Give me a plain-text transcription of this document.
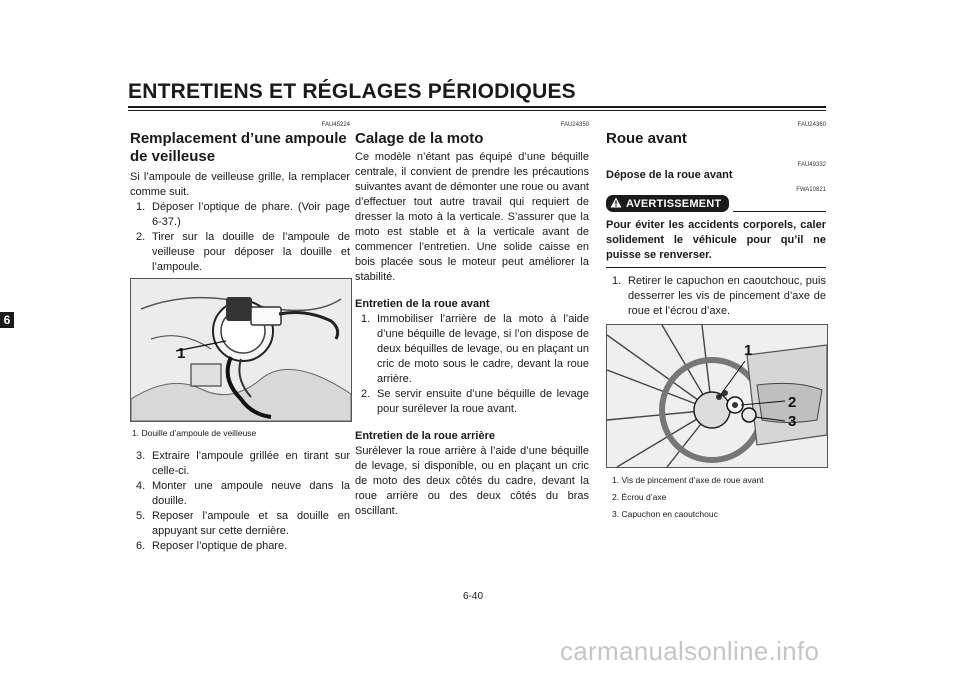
ENTRETIENS ET RÉGLAGES PÉRIODIQUES
6
FAU45224
Remplacement d’une ampoule de veilleuse

Si l’ampoule de veilleuse grille, la remplacer comme suit.

1. Déposer l’optique de phare. (Voir page 6-37.)
2. Tirer sur la douille de l’ampoule de veilleuse pour déposer la douille et l’ampoule.
1
1. Douille d’ampoule de veilleuse
3. Extraire l’ampoule grillée en tirant sur celle-ci.
4. Monter une ampoule neuve dans la douille.
5. Reposer l’ampoule et sa douille en appuyant sur cette dernière.
6. Reposer l’optique de phare.
FAU24350
Calage de la moto

Ce modèle n’étant pas équipé d’une béquille centrale, il convient de prendre les précautions suivantes avant de démonter une roue ou avant d’effectuer tout autre travail qui requiert de dresser la moto à la verticale. S’assurer que la moto est stable et à la verticale avant de commencer l’entretien. Une solide caisse en bois placée sous le moteur peut améliorer la stabilité.

Entretien de la roue avant
1. Immobiliser l’arrière de la moto à l’aide d’une béquille de levage, si l’on dispose de deux béquilles de levage, ou en plaçant un cric de moto sous le cadre, devant la roue arrière.
2. Se servir ensuite d’une béquille de levage pour surélever la roue avant.
Entretien de la roue arrière

Surélever la roue arrière à l’aide d’une béquille de levage, si disponible, ou en plaçant un cric de moto des deux côtés du cadre, devant la roue arrière ou des deux côtés du bras oscillant.

FAU24360
Roue avant
FAU49332
Dépose de la roue avant
FWA10821
AVERTISSEMENT
Pour éviter les accidents corporels, caler solidement le véhicule pour qu’il ne puisse se renverser.
1. Retirer le capuchon en caoutchouc, puis desserrer les vis de pincement d’axe de roue et l’écrou d’axe.
1
2
3
1. Vis de pincement d’axe de roue avant
2. Écrou d’axe
3. Capuchon en caoutchouc
6-40
carmanualsonline.info
